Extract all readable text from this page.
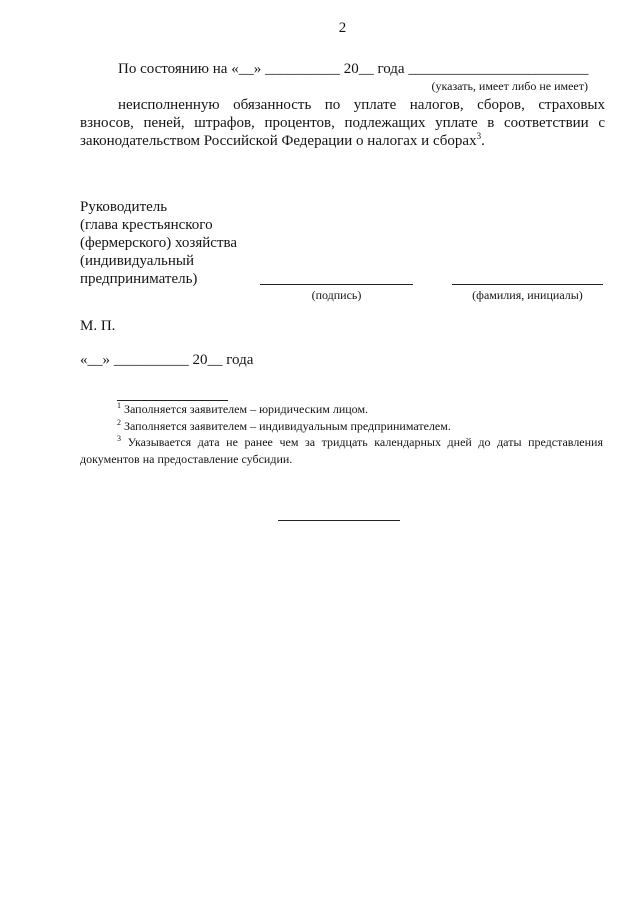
2
По состоянию на «__» __________ 20__ года ________________________
(указать, имеет либо не имеет)
неисполненную обязанность по уплате налогов, сборов, страховых
взносов, пеней, штрафов, процентов, подлежащих уплате в соответствии с
законодательством Российской Федерации о налогах и сборах$^3$.
Руководитель
(глава крестьянского
(фермерского) хозяйства
(индивидуальный
предприниматель)
(подпись)	(фамилия, инициалы)
М. П.
«__» __________ 20__ года
$^1$ Заполняется заявителем – юридическим лицом.
$^2$ Заполняется заявителем – индивидуальным предпринимателем.
$^3$ Указывается дата не ранее чем за тридцать календарных дней до даты представления документов на предоставление субсидии.
